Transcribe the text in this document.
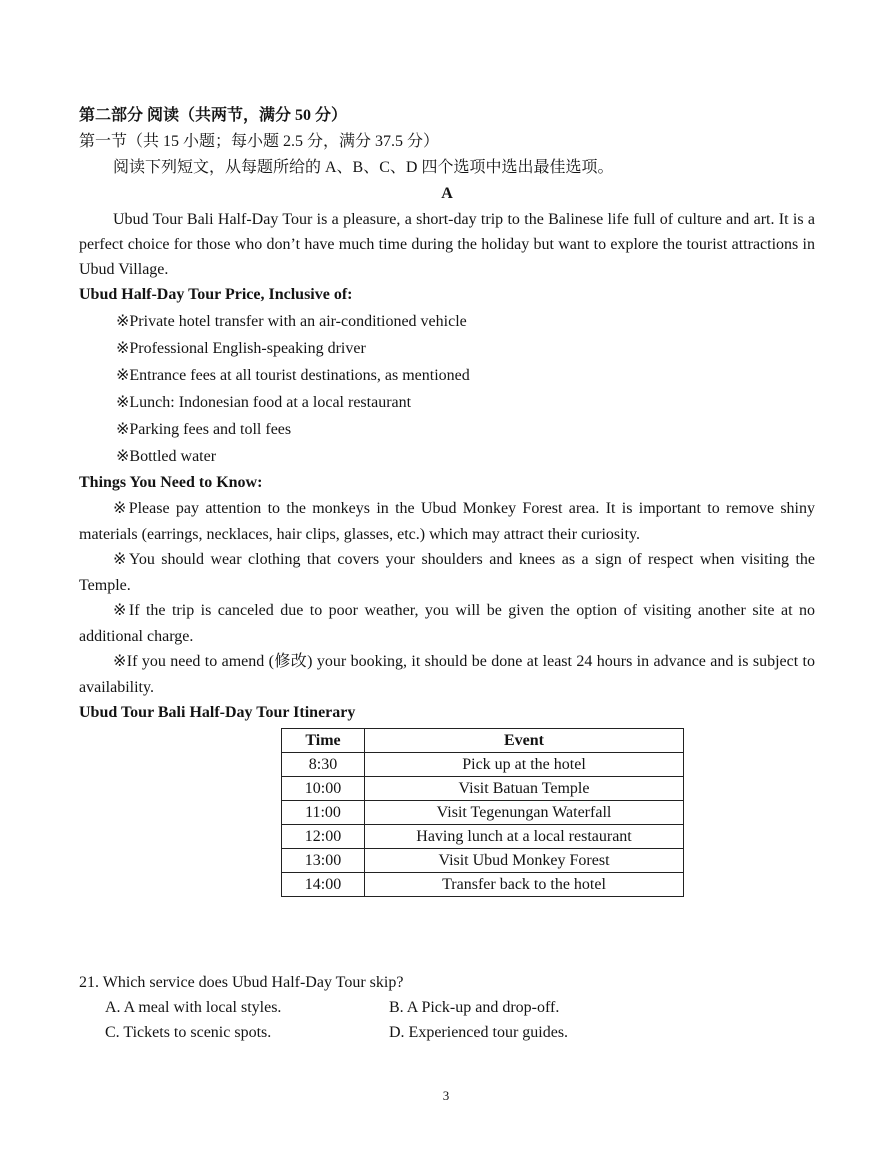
第二部分 阅读（共两节，满分 50 分）
第一节（共 15 小题；每小题 2.5 分，满分 37.5 分）
阅读下列短文，从每题所给的 A、B、C、D 四个选项中选出最佳选项。
A

Ubud Tour Bali Half-Day Tour is a pleasure, a short-day trip to the Balinese life full of culture and art. It is a perfect choice for those who don’t have much time during the holiday but want to explore the tourist attractions in Ubud Village.

Ubud Half-Day Tour Price, Inclusive of:
※Private hotel transfer with an air-conditioned vehicle
※Professional English-speaking driver
※Entrance fees at all tourist destinations, as mentioned
※Lunch: Indonesian food at a local restaurant
※Parking fees and toll fees
※Bottled water
Things You Need to Know:

※Please pay attention to the monkeys in the Ubud Monkey Forest area. It is important to remove shiny materials (earrings, necklaces, hair clips, glasses, etc.) which may attract their curiosity.

※You should wear clothing that covers your shoulders and knees as a sign of respect when visiting the Temple.

※If the trip is canceled due to poor weather, you will be given the option of visiting another site at no additional charge.

※If you need to amend (修改) your booking, it should be done at least 24 hours in advance and is subject to availability.

Ubud Tour Bali Half-Day Tour Itinerary
Time	Event
8:30	Pick up at the hotel
10:00	Visit Batuan Temple
11:00	Visit Tegenungan Waterfall
12:00	Having lunch at a local restaurant
13:00	Visit Ubud Monkey Forest
14:00	Transfer back to the hotel
21. Which service does Ubud Half-Day Tour skip?
A. A meal with local styles.	B. A Pick-up and drop-off.
C. Tickets to scenic spots.	D. Experienced tour guides.
3
